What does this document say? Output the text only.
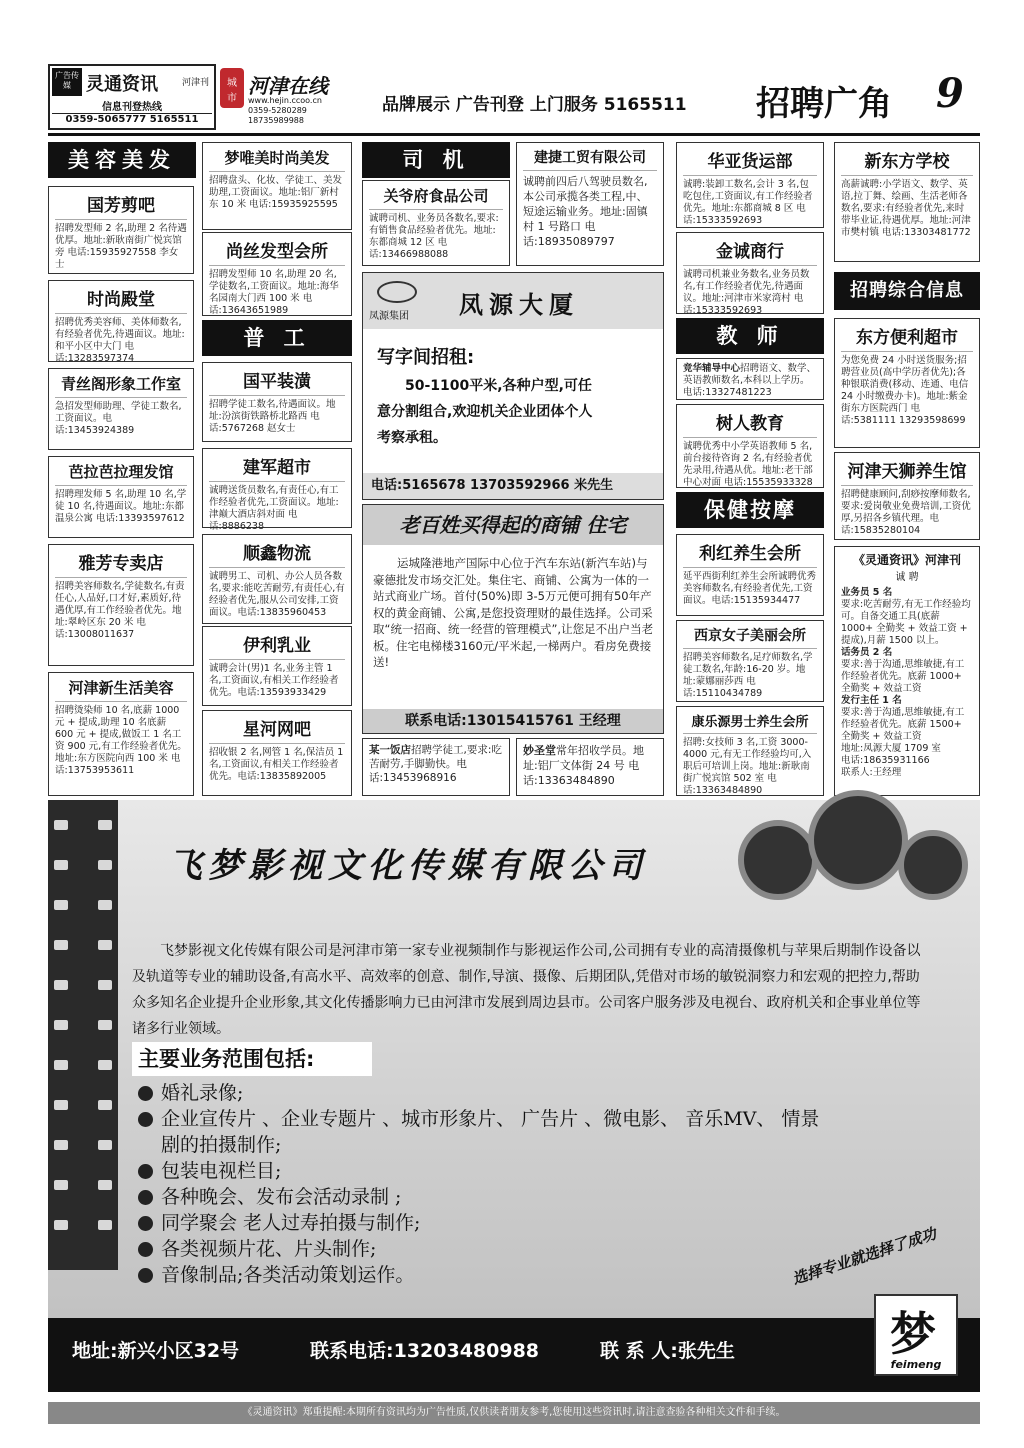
广告传媒 灵通资讯	河津刊
信息刊登热线
0359-5065777 5165511
城
市
河津在线
www.hejin.ccoo.cn
0359-5280289
18735989988
品牌展示 广告刊登 上门服务 5165511 招聘广角 9
美容美发
国芳剪吧

招聘发型师 2 名,助理 2 名待遇优厚。地址:新耿南街广悦宾馆旁 电话:15935927558 李女士

时尚殿堂

招聘优秀美容师、美体师数名,有经验者优先,待遇面议。地址:和平小区中大门 电话:13283597374

青丝阁形象工作室

急招发型师助理、学徒工数名,工资面议。电话:13453924389

芭拉芭拉理发馆

招聘理发师 5 名,助理 10 名,学徒 10 名,待遇面议。地址:东都温泉公寓 电话:13393597612

雅芳专卖店

招聘美容师数名,学徒数名,有责任心,人品好,口才好,素质好,待遇优厚,有工作经验者优先。地址:翠岭区东 20 米 电话:13008011637

河津新生活美容

招聘烫染师 10 名,底薪 1000 元 + 提成,助理 10 名底薪 600 元 + 提成,做饭工 1 名工资 900 元,有工作经验者优先。地址:东方医院向西 100 米 电话:13753953611

梦唯美时尚美发

招聘盘头、化妆、学徒工、美发助理,工资面议。地址:铝厂新村东 10 米 电话:15935925595

尚丝发型会所

招聘发型师 10 名,助理 20 名,学徒数名,工资面议。地址:海华名园南大门西 100 米 电话:13643651989

普 工
国平装潢

招聘学徒工数名,待遇面议。地址:汾滨街铁路桥北路西 电话:5767268 赵女士

建军超市

诚聘送货员数名,有责任心,有工作经验者优先,工资面议。地址:津巅大酒店斜对面 电话:8886238

顺鑫物流

诚聘男工、司机、办公人员各数名,要求:能吃苦耐劳,有责任心,有经验者优先,服从公司安排,工资面议。电话:13835960453

伊利乳业

诚聘会计(男)1 名,业务主管 1 名,工资面议,有相关工作经验者优先。电话:13593933429

星河网吧

招收银 2 名,网管 1 名,保洁员 1 名,工资面议,有相关工作经验者优先。电话:13835892005

司 机
关爷府食品公司

诚聘司机、业务员各数名,要求:有销售食品经验者优先。地址:东都商城 12 区 电话:13466988088

建捷工贸有限公司

诚聘前四后八驾驶员数名,本公司承揽各类工程,中、短途运输业务。地址:固镇村 1 号路口 电话:18935089797

凤源集团 凤源大厦
写字间招租:
50-1100平米,各种户型,可任
意分割组合,欢迎机关企业团体个人
考察承租。
电话:5165678 13703592966 米先生
老百姓买得起的商铺 住宅

运城隆港地产国际中心位于汽车东站(新汽车站)与豪德批发市场交汇处。集住宅、商铺、公寓为一体的一站式商业广场。首付(50%)即 3-5万元便可拥有50年产权的黄金商铺、公寓,是您投资理财的最佳选择。公司采取“统一招商、统一经营的管理模式”,让您足不出户当老板。住宅电梯楼3160元/平米起,一梯两户。看房免费接送!

联系电话:13015415761 王经理

某一饭店招聘学徒工,要求:吃苦耐劳,手脚勤快。电话:13453968916

妙圣堂常年招收学员。地址:铝厂文体街 24 号 电话:13363484890

华亚货运部

诚聘:装卸工数名,会计 3 名,包吃包住,工资面议,有工作经验者优先。地址:东都商城 8 区 电话:15333592693

金诚商行

诚聘司机兼业务数名,业务员数名,有工作经验者优先,待遇面议。地址:河津市米家湾村 电话:15333592693

教 师

竞华辅导中心招聘语文、数学、英语教师数名,本科以上学历。电话:13327481223

树人教育

诚聘优秀中小学英语教师 5 名,前台接待咨询 2 名,有经验者优先录用,待遇从优。地址:老干部中心对面 电话:15535933328

保健按摩
利红养生会所

延平西街利红养生会所诚聘优秀美容师数名,有经验者优先,工资面议。电话:15135934477

西京女子美丽会所

招聘美容师数名,足疗师数名,学徒工数名,年龄:16-20 岁。地址:蒙娜丽莎西 电话:15110434789

康乐源男士养生会所

招聘:女技师 3 名,工资 3000-4000 元,有无工作经验均可,入职后可培训上岗。地址:新耿南街广悦宾馆 502 室 电话:13363484890

新东方学校

高薪诚聘:小学语文、数学、英语,拉丁舞、绘画、生活老师各数名,要求:有经验者优先,来时带毕业证,待遇优厚。地址:河津市樊村镇 电话:13303481772

招聘综合信息
东方便利超市

为您免费 24 小时送货服务;招聘营业员(高中学历者优先);各种银联消费(移动、连通、电信 24 小时缴费办卡)。地址:紫金街东方医院西门 电话:5381111 13293598699

河津天狮养生馆

招聘健康顾问,刮痧按摩师数名,要求:爱岗敬业免费培训,工资优厚,另招各乡镇代理。电话:15835280104

《灵通资讯》河津刊
诚 聘

业务员 5 名

要求:吃苦耐劳,有无工作经验均可。自备交通工具(底薪 1000+ 全勤奖 + 效益工资 + 提成),月薪 1500 以上。

话务员 2 名

要求:善于沟通,思维敏捷,有工作经验者优先。底薪 1000+ 全勤奖 + 效益工资

发行主任 1 名

要求:善于沟通,思维敏捷,有工作经验者优先。底薪 1500+ 全勤奖 + 效益工资

地址:凤源大厦 1709 室

电话:18635931166

联系人:王经理

飞梦影视文化传媒有限公司

飞梦影视文化传媒有限公司是河津市第一家专业视频制作与影视运作公司,公司拥有专业的高清摄像机与苹果后期制作设备以及轨道等专业的辅助设备,有高水平、高效率的创意、制作,导演、摄像、后期团队,凭借对市场的敏锐洞察力和宏观的把控力,帮助众多知名企业提升企业形象,其文化传播影响力已由河津市发展到周边县市。公司客户服务涉及电视台、政府机关和企事业单位等诸多行业领域。

主要业务范围包括:
婚礼录像;
企业宣传片 、企业专题片 、城市形象片、 广告片 、微电影、 音乐MV、 情景
剧的拍摄制作;
包装电视栏目;
各种晚会、发布会活动录制 ;
同学聚会 老人过寿拍摄与制作;
各类视频片花、片头制作;
音像制品;各类活动策划运作。	选择专业就选择了成功
地址:新兴小区32号	联系电话:13203480988	联 系 人:张先生	梦
feimeng
《灵通资讯》郑重提醒:本期所有资讯均为广告性质,仅供读者朋友参考,您使用这些资讯时,请注意查验各种相关文件和手续。
